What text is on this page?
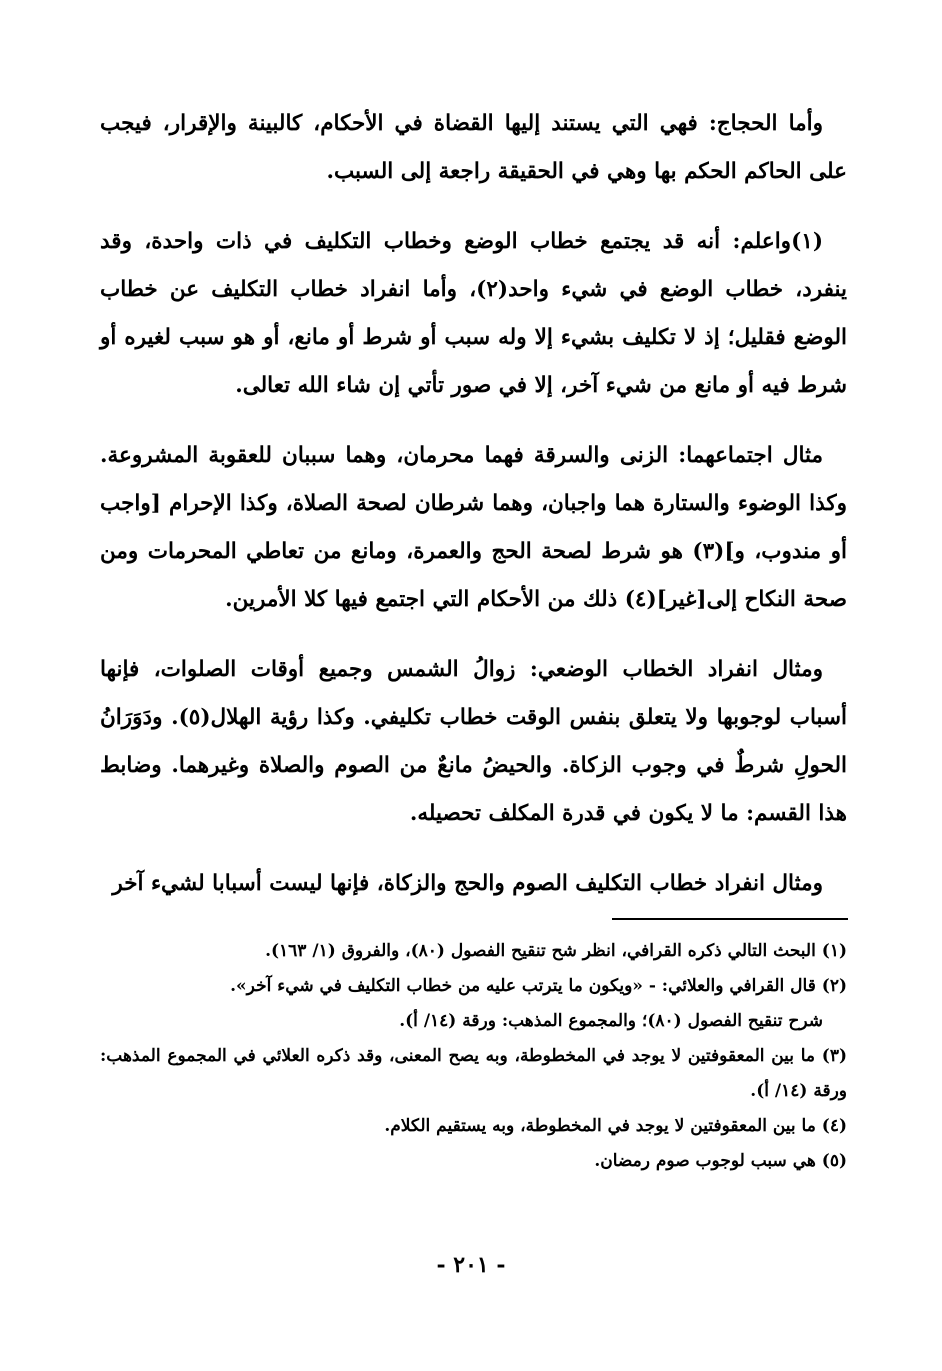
وأما الحجاج: فهي التي يستند إليها القضاة في الأحكام، كالبينة والإقرار، فيجب على الحاكم الحكم بها وهي في الحقيقة راجعة إلى السبب.

(١)واعلم: أنه قد يجتمع خطاب الوضع وخطاب التكليف في ذات واحدة، وقد ينفرد، خطاب الوضع في شيء واحد(٢)، وأما انفراد خطاب التكليف عن خطاب الوضع فقليل؛ إذ لا تكليف بشيء إلا وله سبب أو شرط أو مانع، أو هو سبب لغيره أو شرط فيه أو مانع من شيء آخر، إلا في صور تأتي إن شاء الله تعالى.

مثال اجتماعهما: الزنى والسرقة فهما محرمان، وهما سببان للعقوبة المشروعة. وكذا الوضوء والستارة هما واجبان، وهما شرطان لصحة الصلاة، وكذا الإحرام [واجب أو مندوب، و](٣) هو شرط لصحة الحج والعمرة، ومانع من تعاطي المحرمات ومن صحة النكاح إلى[غير](٤) ذلك من الأحكام التي اجتمع فيها كلا الأمرين.

ومثال انفراد الخطاب الوضعي: زوالُ الشمس وجميع أوقات الصلوات، فإنها أسباب لوجوبها ولا يتعلق بنفس الوقت خطاب تكليفي. وكذا رؤية الهلال(٥). ودَوَرَانُ الحولِ شرطٌ في وجوب الزكاة. والحيضُ مانعٌ من الصوم والصلاة وغيرهما. وضابط هذا القسم: ما لا يكون في قدرة المكلف تحصيله.

ومثال انفراد خطاب التكليف الصوم والحج والزكاة، فإنها ليست أسبابا لشيء آخر

(١) البحث التالي ذكره القرافي، انظر شح تنقيح الفصول (٨٠)، والفروق (١/ ١٦٣).

(٢) قال القرافي والعلائي: - «ويكون ما يترتب عليه من خطاب التكليف في شيء آخر».

شرح تنقيح الفصول (٨٠)؛ والمجموع المذهب: ورقة (١٤/ أ).

(٣) ما بين المعقوفتين لا يوجد في المخطوطة، وبه يصح المعنى، وقد ذكره العلائي في المجموع المذهب: ورقة (١٤/ أ).

(٤) ما بين المعقوفتين لا يوجد في المخطوطة، وبه يستقيم الكلام.

(٥) هي سبب لوجوب صوم رمضان.

- ٢٠١ -
